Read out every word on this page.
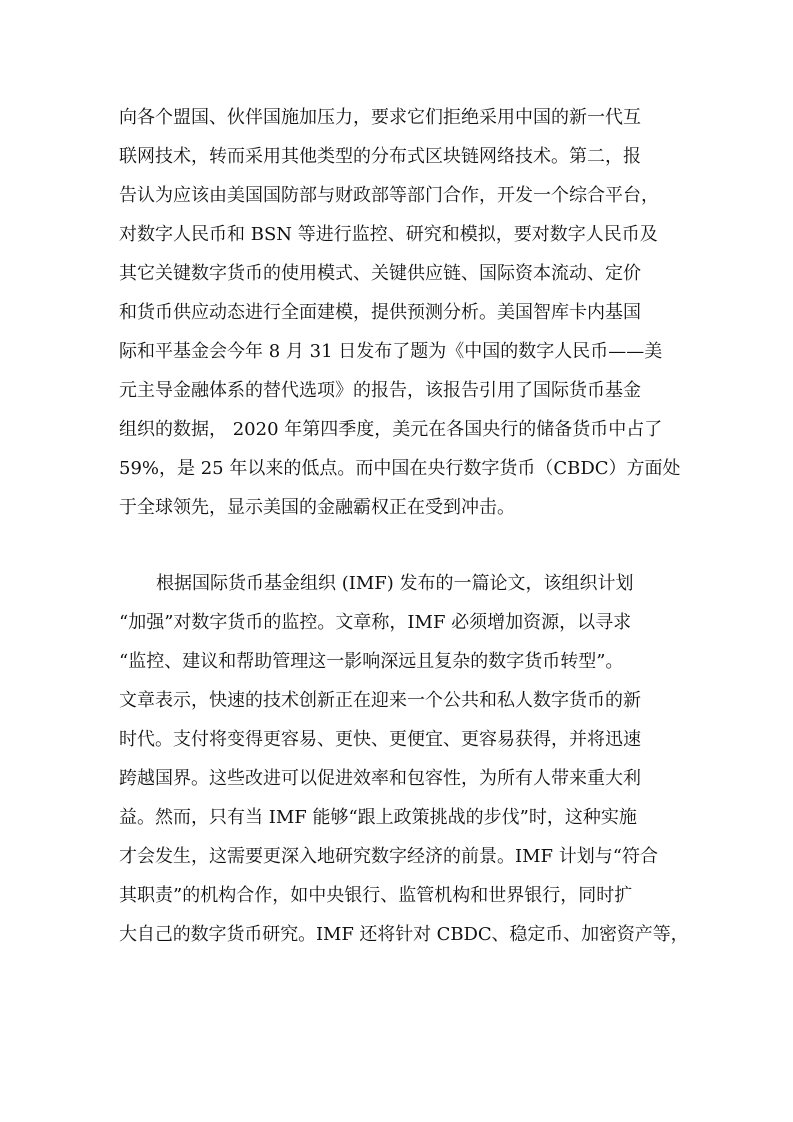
向各个盟国、伙伴国施加压力，要求它们拒绝采用中国的新一代互
联网技术，转而采用其他类型的分布式区块链网络技术。第二，报
告认为应该由美国国防部与财政部等部门合作，开发一个综合平台，
对数字人民币和 BSN 等进行监控、研究和模拟，要对数字人民币及
其它关键数字货币的使用模式、关键供应链、国际资本流动、定价
和货币供应动态进行全面建模，提供预测分析。美国智库卡内基国
际和平基金会今年 8 月 31 日发布了题为《中国的数字人民币——美
元主导金融体系的替代选项》的报告，该报告引用了国际货币基金
组织的数据， 2020 年第四季度，美元在各国央行的储备货币中占了
59%，是 25 年以来的低点。而中国在央行数字货币（CBDC）方面处
于全球领先，显示美国的金融霸权正在受到冲击。
根据国际货币基金组织 (IMF) 发布的一篇论文，该组织计划
“加强”对数字货币的监控。文章称，IMF 必须增加资源，以寻求
“监控、建议和帮助管理这一影响深远且复杂的数字货币转型”。
文章表示，快速的技术创新正在迎来一个公共和私人数字货币的新
时代。支付将变得更容易、更快、更便宜、更容易获得，并将迅速
跨越国界。这些改进可以促进效率和包容性，为所有人带来重大利
益。然而，只有当 IMF 能够“跟上政策挑战的步伐”时，这种实施
才会发生，这需要更深入地研究数字经济的前景。IMF 计划与“符合
其职责”的机构合作，如中央银行、监管机构和世界银行，同时扩
大自己的数字货币研究。IMF 还将针对 CBDC、稳定币、加密资产等，
